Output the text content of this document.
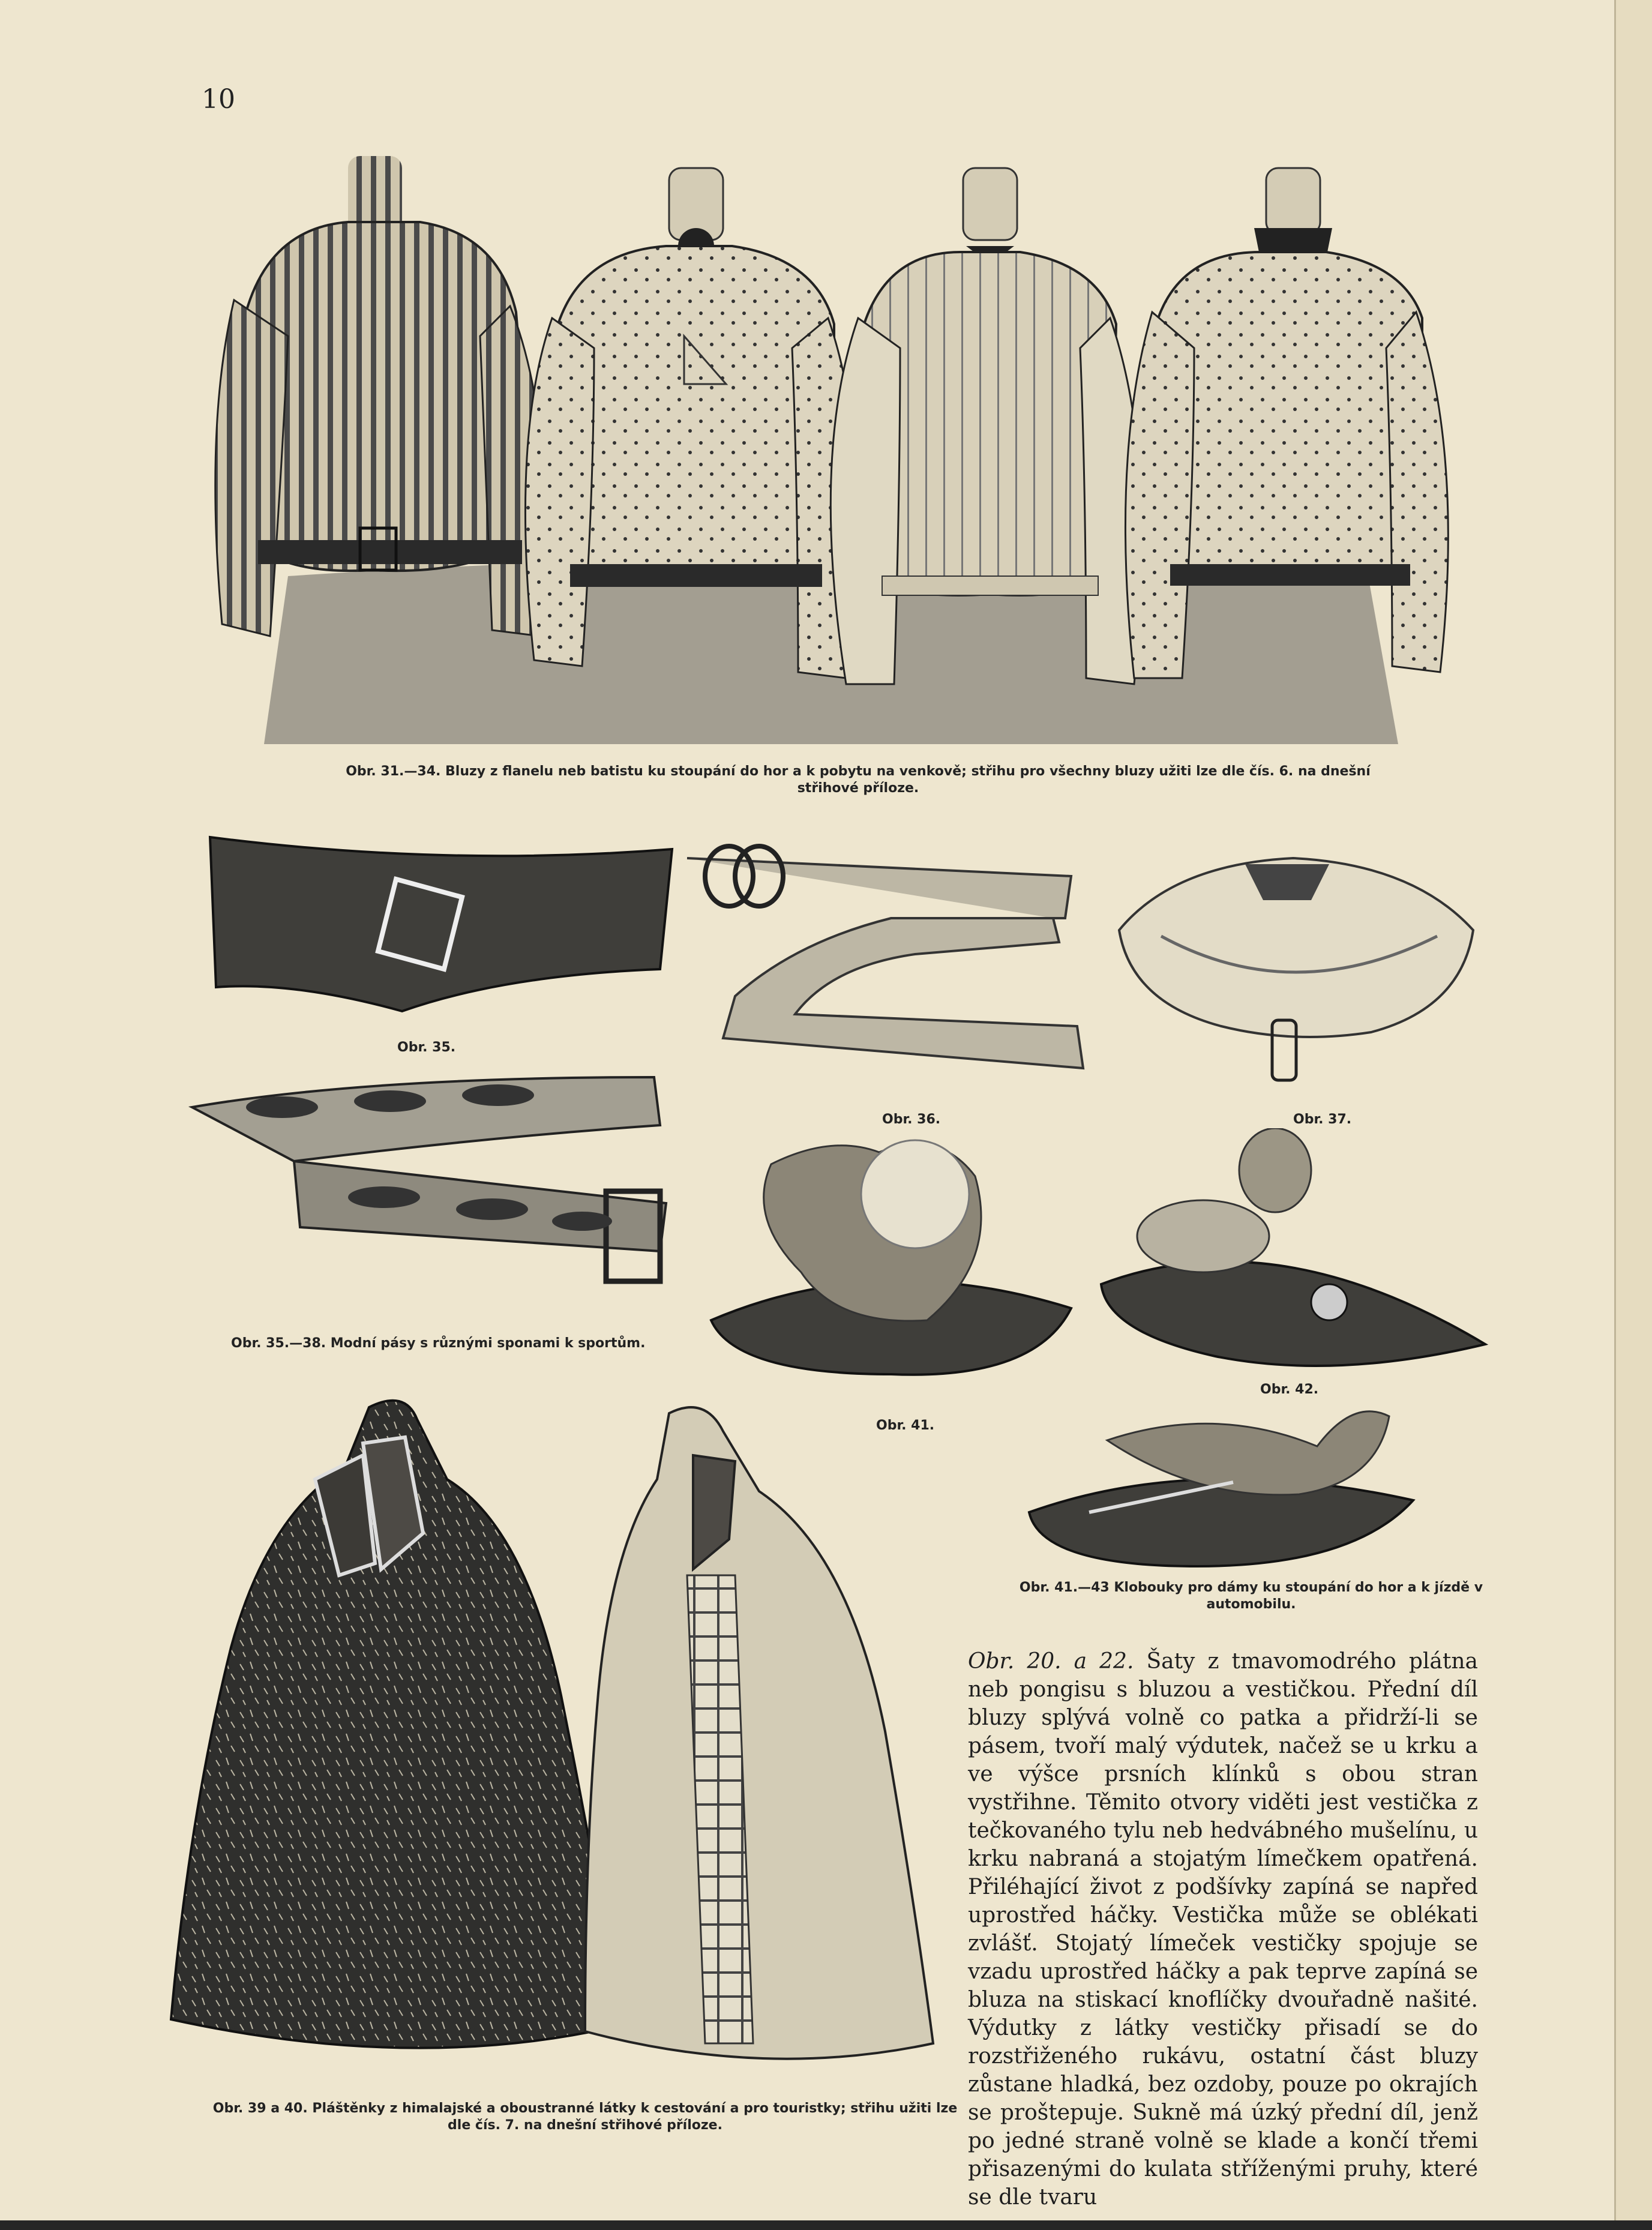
10
Obr. 31.—34. Bluzy z flanelu neb batistu ku stoupání do hor a k pobytu na venkově; střihu pro všechny bluzy užiti lze dle čís. 6. na dnešní střihové příloze.
Obr. 35.
Obr. 36.	Obr. 37.
Obr. 35.—38. Modní pásy s různými sponami k sportům.
Obr. 41.
Obr. 42.
Obr. 41.—43 Klobouky pro dámy ku stoupání do hor a k jízdě v automobilu.
Obr. 39 a 40. Pláštěnky z himalajské a oboustranné látky k cestování a pro touristky; střihu užiti lze dle čís. 7. na dnešní střihové příloze.
Obr. 20. a 22. Šaty z tmavomodrého plátna neb pongisu s bluzou a vestičkou. Přední díl bluzy splývá volně co patka a přidrží-li se pásem, tvoří malý výdutek, načež se u krku a ve výšce prsních klínků s obou stran vystřihne. Těmito otvory viděti jest vestička z tečkovaného tylu neb hedvábného mušelínu, u krku nabraná a stojatým límečkem opatřená. Přiléhající život z podšívky zapíná se napřed uprostřed háčky. Vestička může se oblékati zvlášť. Stojatý límeček vestičky spojuje se vzadu uprostřed háčky a pak teprve zapíná se bluza na stiskací knoflíčky dvouřadně našité. Výdutky z látky vestičky přisadí se do rozstřiženého rukávu, ostatní část bluzy zůstane hladká, bez ozdoby, pouze po okrajích se proštepuje. Sukně má úzký přední díl, jenž po jedné straně volně se klade a končí třemi přisazenými do kulata stříženými pruhy, které se dle tvaru
